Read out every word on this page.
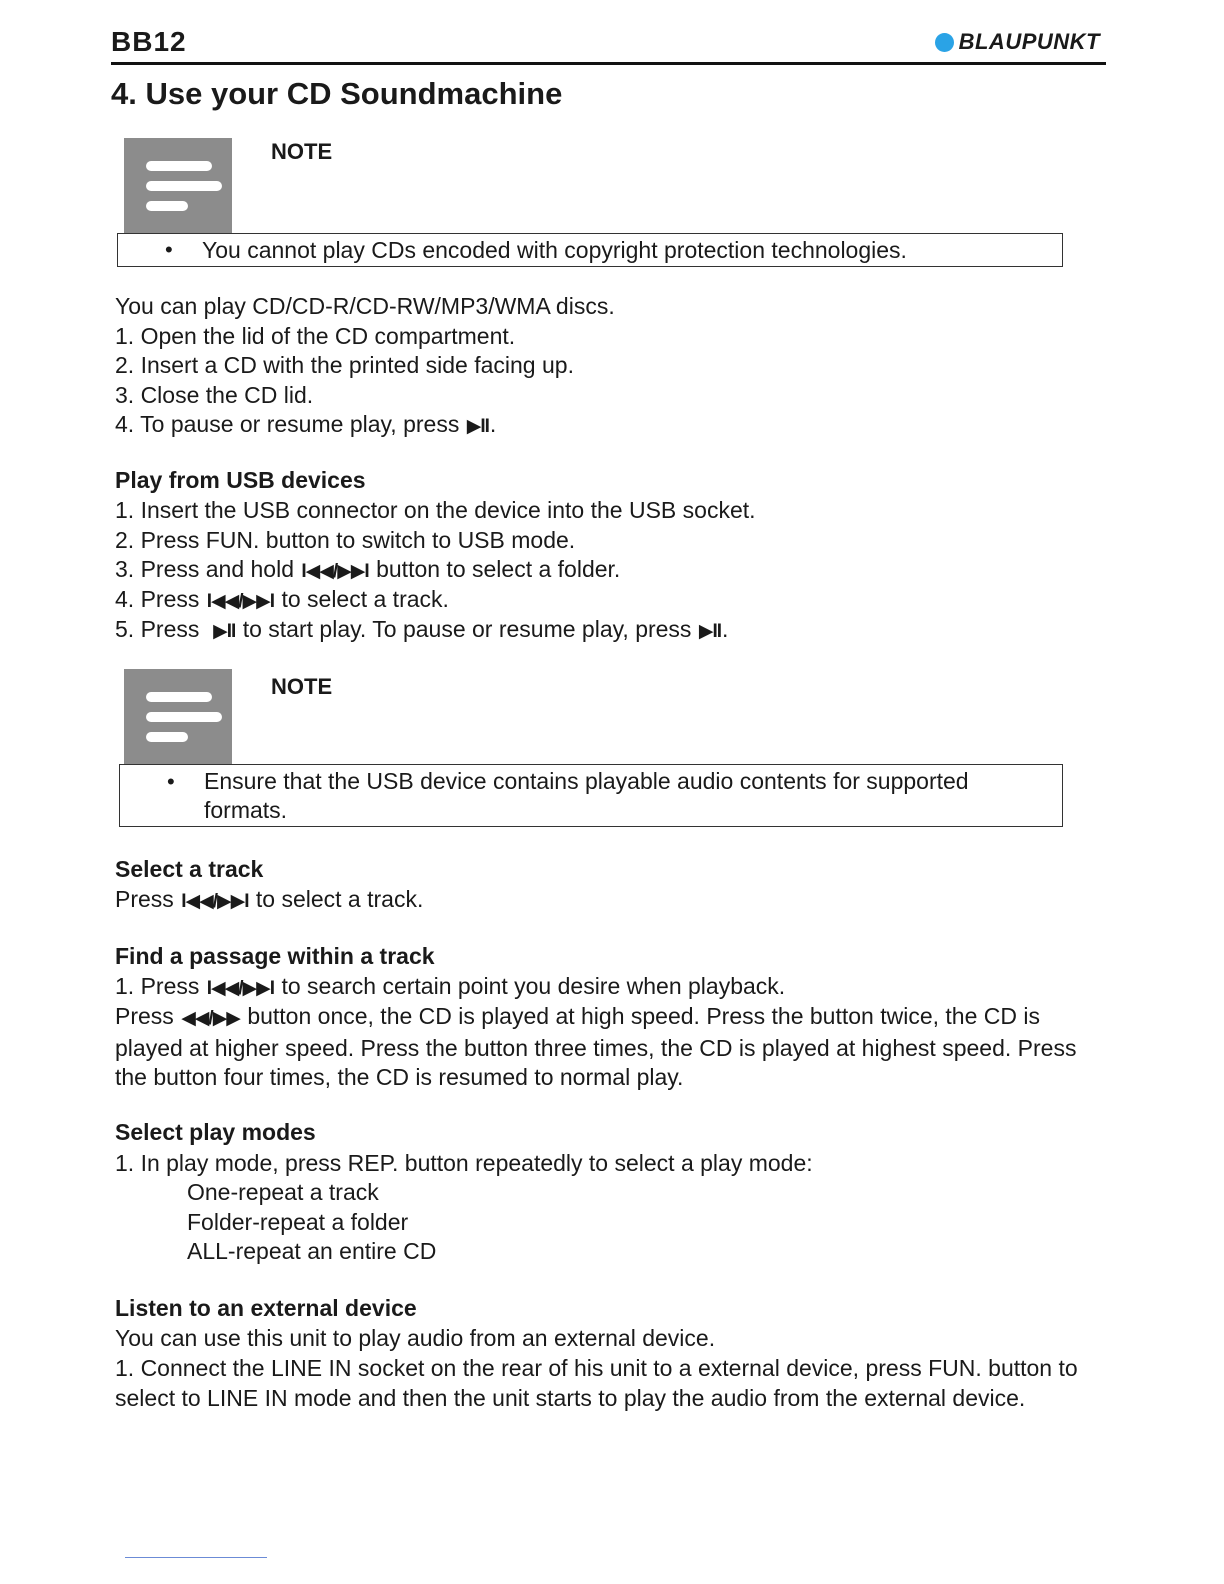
BB12	BLAUPUNKT
4. Use your CD Soundmachine
NOTE
• You cannot play CDs encoded with copyright protection technologies.
You can play CD/CD-R/CD-RW/MP3/WMA discs.
1. Open the lid of the CD compartment.
2. Insert a CD with the printed side facing up.
3. Close the CD lid.
4. To pause or resume play, press ▶II.
Play from USB devices
1. Insert the USB connector on the device into the USB socket.
2. Press FUN. button to switch to USB mode.
3. Press and hold I◀◀/▶▶I button to select a folder.
4. Press I◀◀/▶▶I to select a track.
5. Press ▶II to start play. To pause or resume play, press ▶II.
NOTE
• Ensure that the USB device contains playable audio contents for supported formats.
Select a track
Press I◀◀/▶▶I to select a track.
Find a passage within a track
1. Press I◀◀/▶▶I to search certain point you desire when playback.
Press ◀◀/▶▶ button once, the CD is played at high speed. Press the button twice, the CD is played at higher speed. Press the button three times, the CD is played at highest speed. Press the button four times, the CD is resumed to normal play.
Select play modes
1. In play mode, press REP. button repeatedly to select a play mode:
One-repeat a track
Folder-repeat a folder
ALL-repeat an entire CD
Listen to an external device
You can use this unit to play audio from an external device.
1. Connect the LINE IN socket on the rear of his unit to a external device, press FUN. button to select to LINE IN mode and then the unit starts to play the audio from the external device.
